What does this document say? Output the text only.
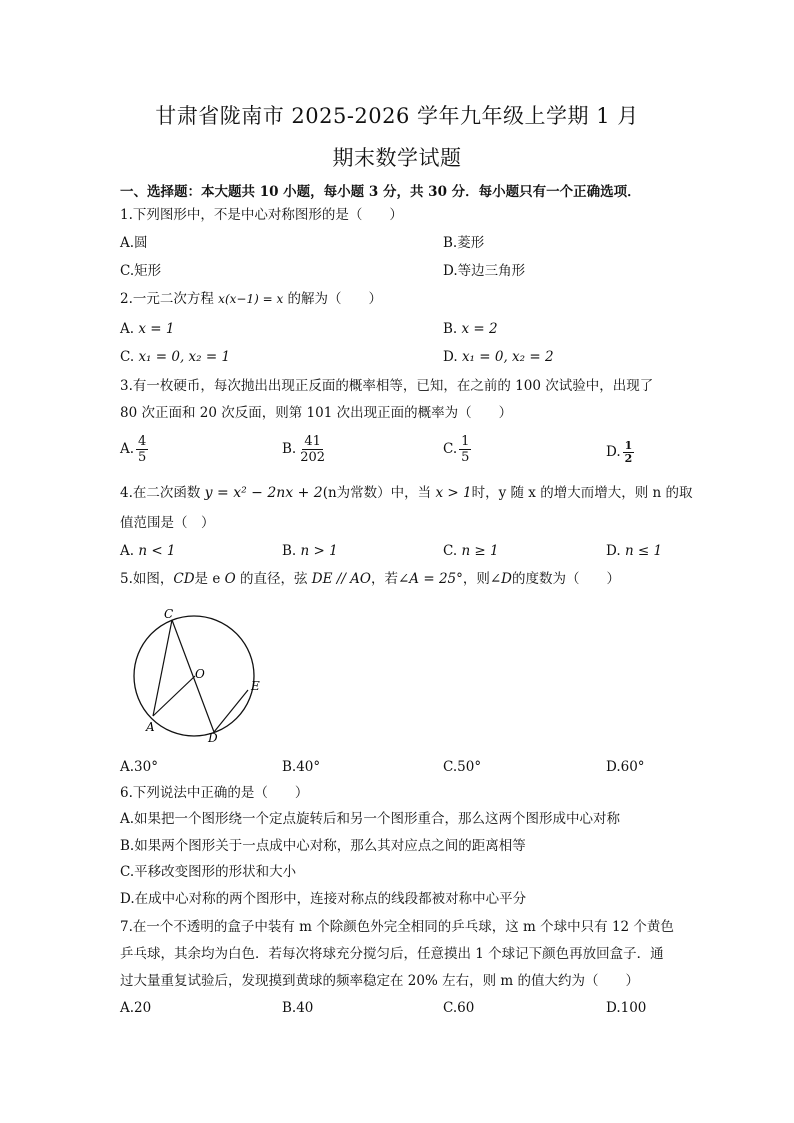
甘肃省陇南市 2025-2026 学年九年级上学期 1 月
期末数学试题
一、选择题：本大题共 10 小题，每小题 3 分，共 30 分．每小题只有一个正确选项．
1.下列图形中，不是中心对称图形的是（　　）
A.圆	B.菱形
C.矩形	D.等边三角形
2.一元二次方程 x(x−1) = x 的解为（　　）
A. x = 1	B. x = 2
C. x₁ = 0, x₂ = 1	D. x₁ = 0, x₂ = 2
3.有一枚硬币，每次抛出出现正反面的概率相等，已知，在之前的 100 次试验中，出现了
80 次正面和 20 次反面，则第 101 次出现正面的概率为（　　）
A. $\frac{4}{5}$	B. $\frac{41}{202}$	C. $\frac{1}{5}$	D. $\frac{1}{2}$
4.在二次函数 y = x² − 2nx + 2(n为常数）中，当 x > 1时，y 随 x 的增大而增大，则 n 的取
值范围是（　）
A. n < 1	B. n > 1	C. n ≥ 1	D. n ≤ 1
5.如图，CD是 e O 的直径，弦 DE // AO，若∠A = 25°，则∠D的度数为（　　）
C
O
E
A
D
A.30°	B.40°	C.50°	D.60°
6.下列说法中正确的是（　　）
A.如果把一个图形绕一个定点旋转后和另一个图形重合，那么这两个图形成中心对称
B.如果两个图形关于一点成中心对称，那么其对应点之间的距离相等
C.平移改变图形的形状和大小
D.在成中心对称的两个图形中，连接对称点的线段都被对称中心平分
7.在一个不透明的盒子中装有 m 个除颜色外完全相同的乒乓球，这 m 个球中只有 12 个黄色
乒乓球，其余均为白色．若每次将球充分搅匀后，任意摸出 1 个球记下颜色再放回盒子．通
过大量重复试验后，发现摸到黄球的频率稳定在 20% 左右，则 m 的值大约为（　　）
A.20	B.40	C.60	D.100
